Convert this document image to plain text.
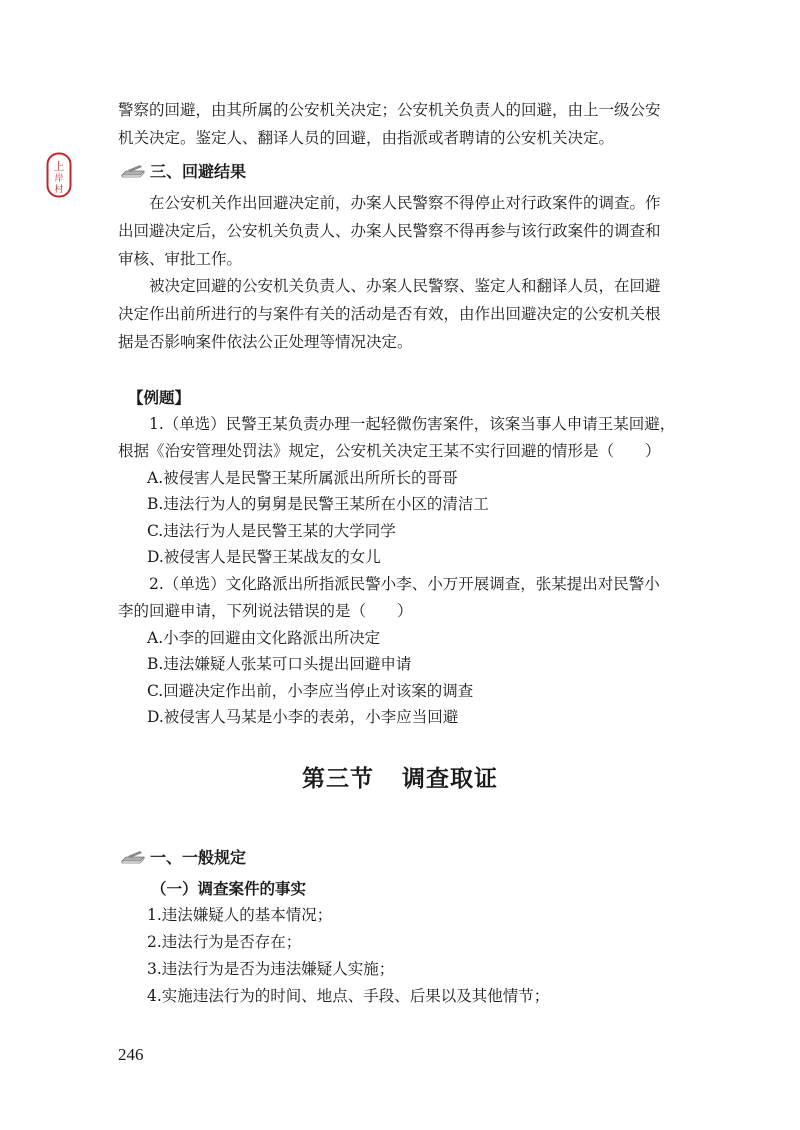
上
岸
村

警察的回避，由其所属的公安机关决定；公安机关负责人的回避，由上一级公安

机关决定。鉴定人、翻译人员的回避，由指派或者聘请的公安机关决定。

三、回避结果

在公安机关作出回避决定前，办案人民警察不得停止对行政案件的调查。作

出回避决定后，公安机关负责人、办案人民警察不得再参与该行政案件的调查和

审核、审批工作。

被决定回避的公安机关负责人、办案人民警察、鉴定人和翻译人员，在回避

决定作出前所进行的与案件有关的活动是否有效，由作出回避决定的公安机关根

据是否影响案件依法公正处理等情况决定。

【例题】

1.（单选）民警王某负责办理一起轻微伤害案件，该案当事人申请王某回避，

根据《治安管理处罚法》规定，公安机关决定王某不实行回避的情形是（　　）

A.被侵害人是民警王某所属派出所所长的哥哥

B.违法行为人的舅舅是民警王某所在小区的清洁工

C.违法行为人是民警王某的大学同学

D.被侵害人是民警王某战友的女儿

2.（单选）文化路派出所指派民警小李、小万开展调查，张某提出对民警小

李的回避申请，下列说法错误的是（　　）

A.小李的回避由文化路派出所决定

B.违法嫌疑人张某可口头提出回避申请

C.回避决定作出前，小李应当停止对该案的调查

D.被侵害人马某是小李的表弟，小李应当回避

第三节 调查取证
一、一般规定
（一）调查案件的事实

1.违法嫌疑人的基本情况；

2.违法行为是否存在；

3.违法行为是否为违法嫌疑人实施；

4.实施违法行为的时间、地点、手段、后果以及其他情节；

246
